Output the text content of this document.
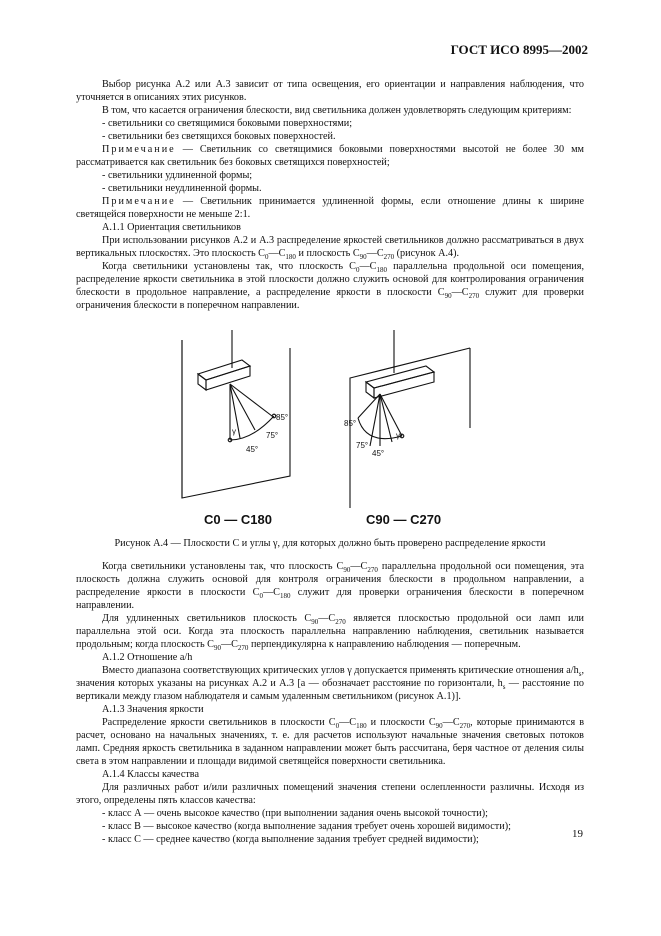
ГОСТ ИСО 8995—2002

Выбор рисунка А.2 или А.3 зависит от типа освещения, его ориентации и направления наблюдения, что уточняется в описаниях этих рисунков.

В том, что касается ограничения блескости, вид светильника должен удовлетворять следующим критериям:

- светильники со светящимися боковыми поверхностями;

- светильники без светящихся боковых поверхностей.

Примечание — Светильник со светящимися боковыми поверхностями высотой не более 30 мм рассматривается как светильник без боковых светящихся поверхностей;

- светильники удлиненной формы;

- светильники неудлиненной формы.

Примечание — Светильник принимается удлиненной формы, если отношение длины к ширине светящейся поверхности не меньше 2:1.

А.1.1 Ориентация светильников

При использовании рисунков А.2 и А.3 распределение яркостей светильников должно рассматриваться в двух вертикальных плоскостях. Это плоскость $С_0—С_{180}$ и плоскость $С_{90}—С_{270}$ (рисунок А.4).

Когда светильники установлены так, что плоскость $С_0—С_{180}$ параллельна продольной оси помещения, распределение яркости светильника в этой плоскости должно служить основой для контролирования ограничения блескости в продольное направление, а распределение яркости в плоскости $С_{90}—С_{270}$ служит для проверки ограничения блескости в поперечном направлении.

γ
85°
75°
45°
γ
85°
75°
45°
C0 — C180	C90 — C270
Рисунок А.4 — Плоскости С и углы γ, для которых должно быть проверено распределение яркости

Когда светильники установлены так, что плоскость $С_{90}—С_{270}$ параллельна продольной оси помещения, эта плоскость должна служить основой для контроля ограничения блескости в продольном направлении, а распределение яркости в плоскости $С_0—С_{180}$ служит для проверки ограничения блескости в поперечном направлении.

Для удлиненных светильников плоскость $С_{90}—С_{270}$ является плоскостью продольной оси ламп или параллельна этой оси. Когда эта плоскость параллельна направлению наблюдения, светильник называется продольным; когда плоскость $С_{90}—С_{270}$ перпендикулярна к направлению наблюдения — поперечным.

А.1.2 Отношение a/h

Вместо диапазона соответствующих критических углов γ допускается применять критические отношения $a/h_s$, значения которых указаны на рисунках А.2 и А.3 [a — обозначает расстояние по горизонтали, $h_s$ — расстояние по вертикали между глазом наблюдателя и самым удаленным светильником (рисунок А.1)].

А.1.3 Значения яркости

Распределение яркости светильников в плоскости $С_0—С_{180}$ и плоскости $С_{90}—С_{270}$, которые принимаются в расчет, основано на начальных значениях, т. е. для расчетов используют начальные значения световых потоков ламп. Средняя яркость светильника в заданном направлении может быть рассчитана, беря частное от деления силы света в этом направлении и площади видимой светящейся поверхности светильника.

А.1.4 Классы качества

Для различных работ и/или различных помещений значения степени ослепленности различны. Исходя из этого, определены пять классов качества:

- класс А — очень высокое качество (при выполнении задания очень высокой точности);

- класс В — высокое качество (когда выполнение задания требует очень хорошей видимости);

- класс С — среднее качество (когда выполнение задания требует средней видимости);	19
